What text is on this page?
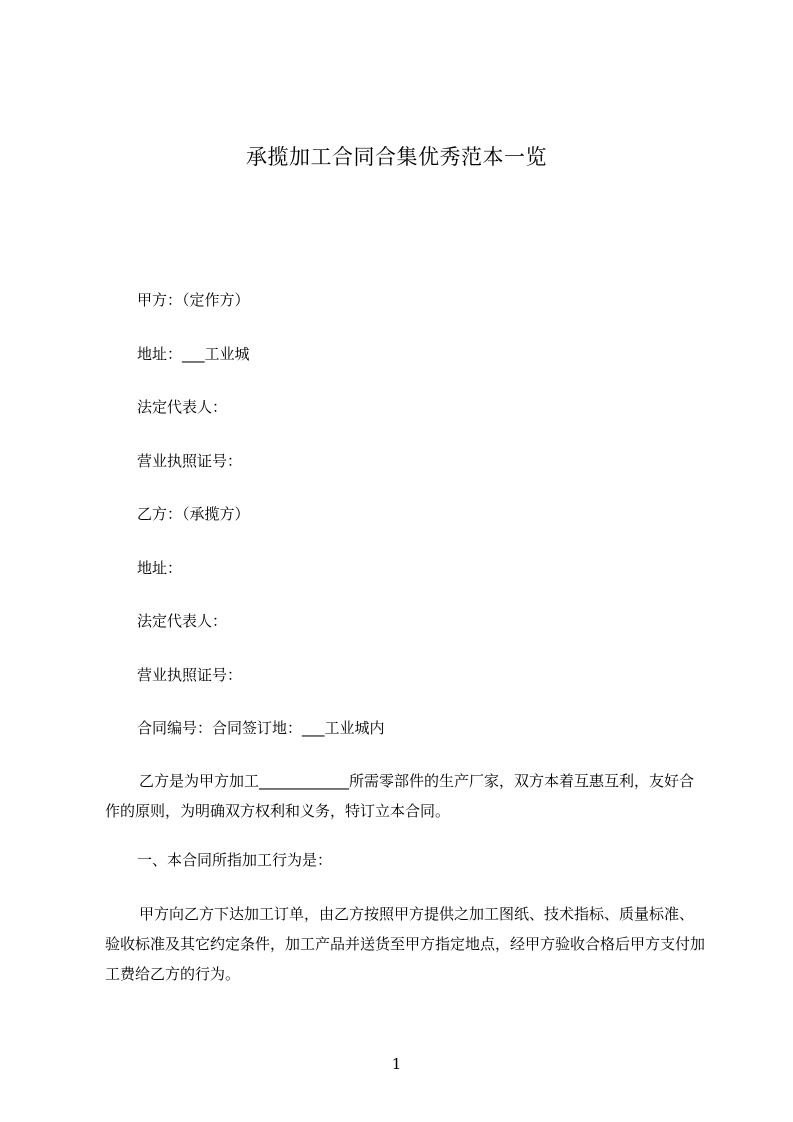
承揽加工合同合集优秀范本一览
甲方：（定作方）
地址：___工业城
法定代表人：
营业执照证号：
乙方：（承揽方）
地址：
法定代表人：
营业执照证号：
合同编号：合同签订地：___工业城内
乙方是为甲方加工____________所需零部件的生产厂家，双方本着互惠互利，友好合作的原则，为明确双方权利和义务，特订立本合同。
一、本合同所指加工行为是：
甲方向乙方下达加工订单，由乙方按照甲方提供之加工图纸、技术指标、质量标准、验收标准及其它约定条件，加工产品并送货至甲方指定地点，经甲方验收合格后甲方支付加工费给乙方的行为。
1
